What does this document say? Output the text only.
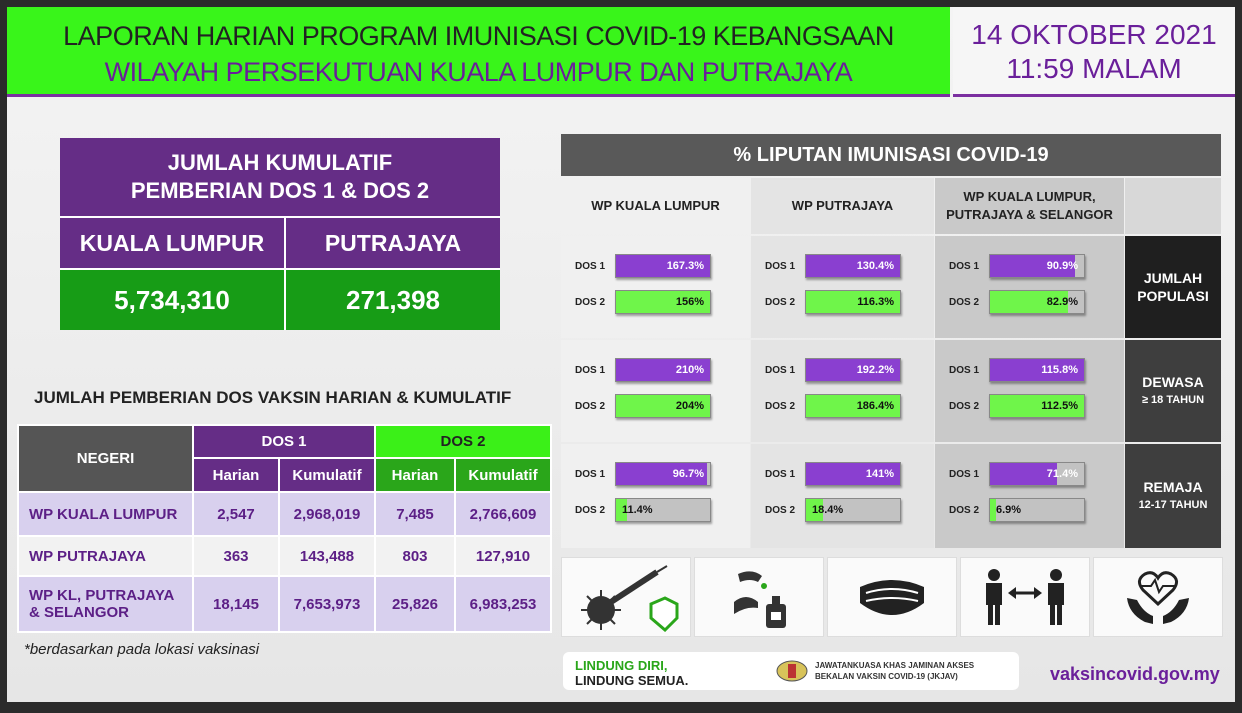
LAPORAN HARIAN PROGRAM IMUNISASI COVID-19 KEBANGSAAN
WILAYAH PERSEKUTUAN KUALA LUMPUR DAN PUTRAJAYA
14 OKTOBER 2021
11:59 MALAM
JUMLAH KUMULATIF
PEMBERIAN DOS 1 & DOS 2
KUALA LUMPUR	PUTRAJAYA
5,734,310	271,398
JUMLAH PEMBERIAN DOS VAKSIN HARIAN & KUMULATIF
NEGERI	DOS 1		DOS 2	
	Harian	Kumulatif	Harian	Kumulatif
WP KUALA LUMPUR	2,547	2,968,019	7,485	2,766,609
WP PUTRAJAYA	363	143,488	803	127,910

WP KL, PUTRAJAYA
& SELANGOR	18,145	7,653,973	25,826	6,983,253
*berdasarkan pada lokasi vaksinasi
% LIPUTAN IMUNISASI COVID-19
WP KUALA LUMPUR	WP PUTRAJAYA
WP KUALA LUMPUR,
PUTRAJAYA & SELANGOR
DOS 1	167.3%
DOS 2	156%
DOS 1	130.4%
DOS 2	116.3%
DOS 1	90.9%
DOS 2	82.9%
JUMLAH
POPULASI
DOS 1	210%
DOS 2	204%
DOS 1	192.2%
DOS 2	186.4%
DOS 1	115.8%
DOS 2	112.5%
DEWASA
≥ 18 TAHUN
DOS 1	96.7%
DOS 2	11.4%
DOS 1	141%
DOS 2	18.4%
DOS 1	71.4%
DOS 2	6.9%
REMAJA
12-17 TAHUN
LINDUNG DIRI,
LINDUNG SEMUA.
JAWATANKUASA KHAS JAMINAN AKSES
BEKALAN VAKSIN COVID-19 (JKJAV)	vaksincovid.gov.my
